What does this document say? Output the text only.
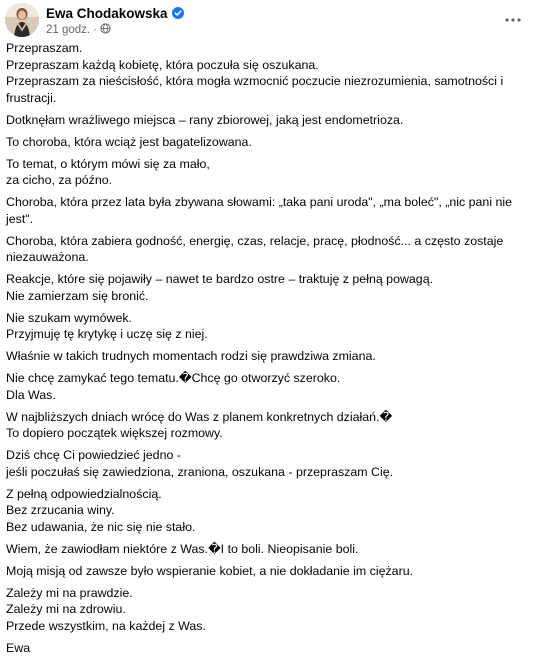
Ewa Chodakowska
21 godz. ·
Przepraszam.
Przepraszam każdą kobietę, która poczuła się oszukana.
Przepraszam za nieścisłość, która mogła wzmocnić poczucie niezrozumienia, samotności i
frustracji.
Dotknęłam wrażliwego miejsca – rany zbiorowej, jaką jest endometrioza.
To choroba, która wciąż jest bagatelizowana.
To temat, o którym mówi się za mało,
za cicho, za późno.
Choroba, która przez lata była zbywana słowami: „taka pani uroda", „ma boleć", „nic pani nie
jest".
Choroba, która zabiera godność, energię, czas, relacje, pracę, płodność... a często zostaje
niezauważona.
Reakcje, które się pojawiły – nawet te bardzo ostre – traktuję z pełną powagą.
Nie zamierzam się bronić.
Nie szukam wymówek.
Przyjmuję tę krytykę i uczę się z niej.
Właśnie w takich trudnych momentach rodzi się prawdziwa zmiana.
Nie chcę zamykać tego tematu.�Chcę go otworzyć szeroko.
Dla Was.
W najbliższych dniach wrócę do Was z planem konkretnych działań.�
To dopiero początek większej rozmowy.
Dziś chcę Ci powiedzieć jedno -
jeśli poczułaś się zawiedziona, zraniona, oszukana - przepraszam Cię.
Z pełną odpowiedzialnością.
Bez zrzucania winy.
Bez udawania, że nic się nie stało.
Wiem, że zawiodłam niektóre z Was.�I to boli. Nieopisanie boli.
Moją misją od zawsze było wspieranie kobiet, a nie dokładanie im ciężaru.
Zależy mi na prawdzie.
Zależy mi na zdrowiu.
Przede wszystkim, na każdej z Was.
Ewa
